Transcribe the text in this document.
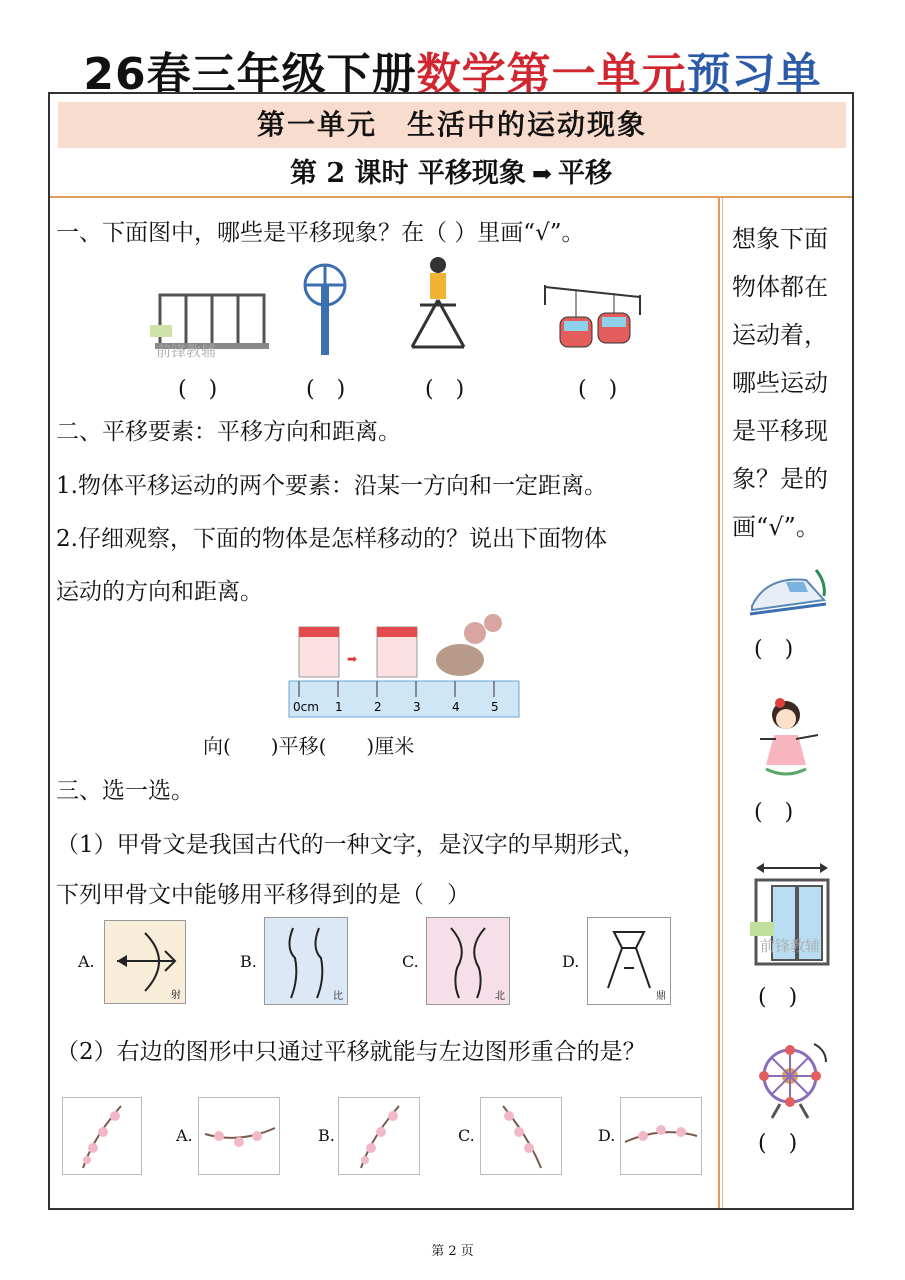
26春三年级下册数学第一单元预习单
第一单元　生活中的运动现象
第 2 课时 平移现象 ➡ 平移
一、下面图中，哪些是平移现象？在（ ）里画“√”。
前锋教辅
(　)	(　)	(　)	(　)
二、平移要素：平移方向和距离。
1.物体平移运动的两个要素：沿某一方向和一定距离。
2.仔细观察，下面的物体是怎样移动的？说出下面物体
运动的方向和距离。
➡
0cm 1	2	3	4	5
向(　　)平移(　　)厘米
三、选一选。
（1）甲骨文是我国古代的一种文字，是汉字的早期形式，
下列甲骨文中能够用平移得到的是（　）
A.
射
B.
比
C.
北
D.
鼎
（2）右边的图形中只通过平移就能与左边图形重合的是？
A.	B.	C.	D.
想象下面
物体都在
运动着，
哪些运动
是平移现
象？是的
画“√”。
(　)
(　)
前锋教辅
(　)
(　)
第 2 页
